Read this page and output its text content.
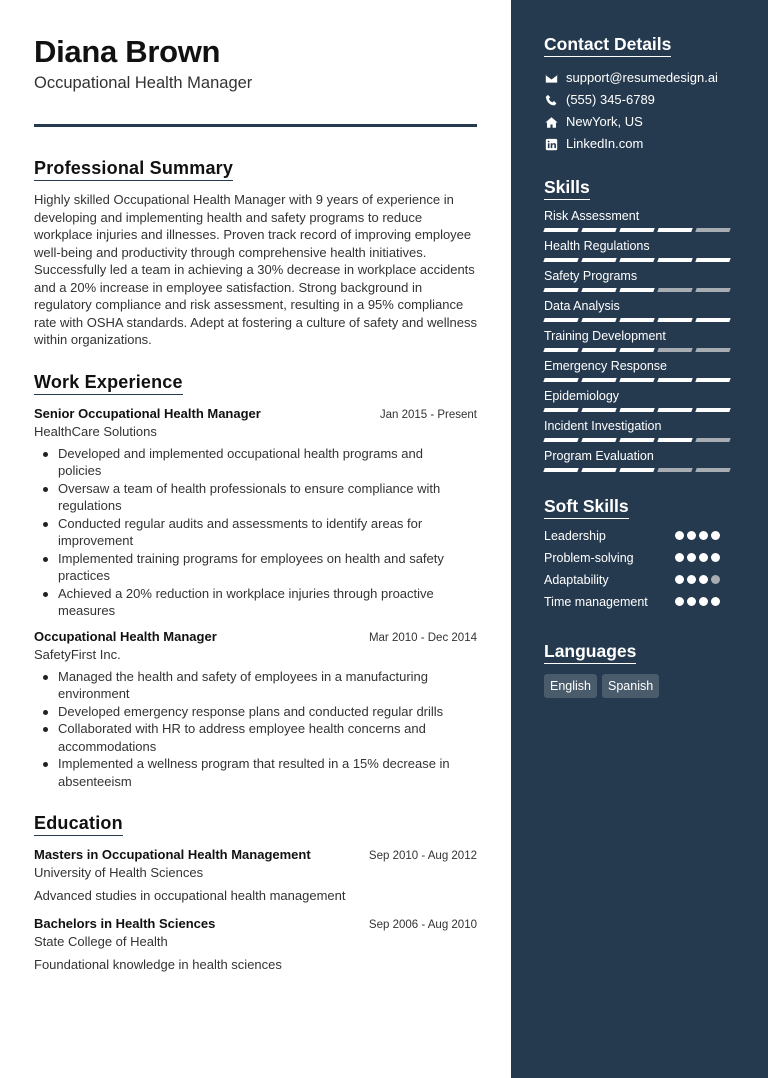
Diana Brown
Occupational Health Manager
Professional Summary

Highly skilled Occupational Health Manager with 9 years of experience in developing and implementing health and safety programs to reduce workplace injuries and illnesses. Proven track record of improving employee well-being and productivity through comprehensive health initiatives. Successfully led a team in achieving a 30% decrease in workplace accidents and a 20% increase in employee satisfaction. Strong background in regulatory compliance and risk assessment, resulting in a 95% compliance rate with OSHA standards. Adept at fostering a culture of safety and wellness within organizations.

Work Experience
Senior Occupational Health Manager	Jan 2015 - Present
HealthCare Solutions
Developed and implemented occupational health programs and policies
Oversaw a team of health professionals to ensure compliance with regulations
Conducted regular audits and assessments to identify areas for improvement
Implemented training programs for employees on health and safety practices
Achieved a 20% reduction in workplace injuries through proactive measures
Occupational Health Manager	Mar 2010 - Dec 2014
SafetyFirst Inc.
Managed the health and safety of employees in a manufacturing environment
Developed emergency response plans and conducted regular drills
Collaborated with HR to address employee health concerns and accommodations
Implemented a wellness program that resulted in a 15% decrease in absenteeism
Education
Masters in Occupational Health Management	Sep 2010 - Aug 2012
University of Health Sciences
Advanced studies in occupational health management
Bachelors in Health Sciences	Sep 2006 - Aug 2010
State College of Health
Foundational knowledge in health sciences
Contact Details
support@resumedesign.ai
(555) 345-6789
NewYork, US
LinkedIn.com
Skills
Risk Assessment
Health Regulations
Safety Programs
Data Analysis
Training Development
Emergency Response
Epidemiology
Incident Investigation
Program Evaluation
Soft Skills
Leadership
Problem-solving
Adaptability
Time management
Languages
English	Spanish
